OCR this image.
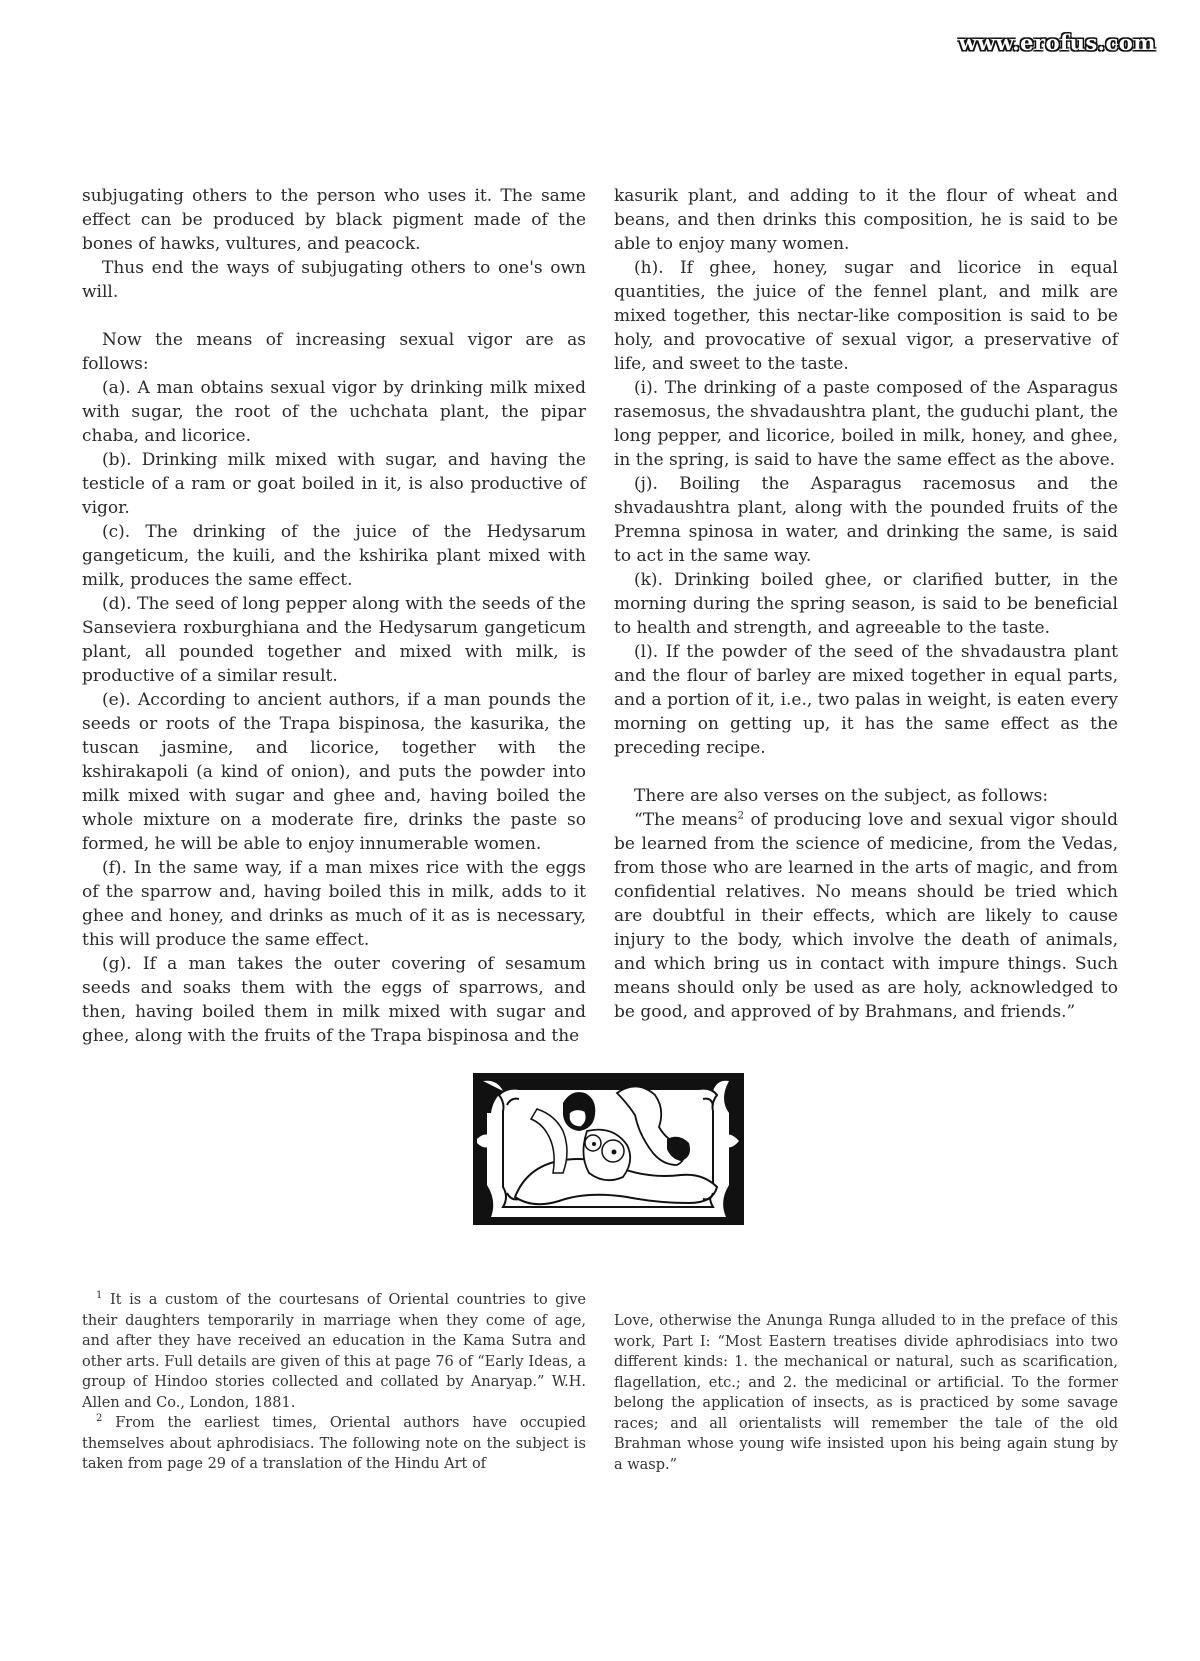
www.erofus.com

subjugating others to the person who uses it. The same effect can be produced by black pigment made of the bones of hawks, vultures, and peacock.

Thus end the ways of subjugating others to one's own will.

Now the means of increasing sexual vigor are as follows:

(a). A man obtains sexual vigor by drinking milk mixed with sugar, the root of the uchchata plant, the pipar chaba, and licorice.

(b). Drinking milk mixed with sugar, and having the testicle of a ram or goat boiled in it, is also productive of vigor.

(c). The drinking of the juice of the Hedysarum gangeticum, the kuili, and the kshirika plant mixed with milk, produces the same effect.

(d). The seed of long pepper along with the seeds of the Sanseviera roxburghiana and the Hedysarum gangeticum plant, all pounded together and mixed with milk, is productive of a similar result.

(e). According to ancient authors, if a man pounds the seeds or roots of the Trapa bispinosa, the kasurika, the tuscan jasmine, and licorice, together with the kshirakapoli (a kind of onion), and puts the powder into milk mixed with sugar and ghee and, having boiled the whole mixture on a moderate fire, drinks the paste so formed, he will be able to enjoy innumerable women.

(f). In the same way, if a man mixes rice with the eggs of the sparrow and, having boiled this in milk, adds to it ghee and honey, and drinks as much of it as is necessary, this will produce the same effect.

(g). If a man takes the outer covering of sesamum seeds and soaks them with the eggs of sparrows, and then, having boiled them in milk mixed with sugar and ghee, along with the fruits of the Trapa bispinosa and the

kasurik plant, and adding to it the flour of wheat and beans, and then drinks this composition, he is said to be able to enjoy many women.

(h). If ghee, honey, sugar and licorice in equal quantities, the juice of the fennel plant, and milk are mixed together, this nectar-like composition is said to be holy, and provocative of sexual vigor, a preservative of life, and sweet to the taste.

(i). The drinking of a paste composed of the Asparagus rasemosus, the shvadaushtra plant, the guduchi plant, the long pepper, and licorice, boiled in milk, honey, and ghee, in the spring, is said to have the same effect as the above.

(j). Boiling the Asparagus racemosus and the shvadaushtra plant, along with the pounded fruits of the Premna spinosa in water, and drinking the same, is said to act in the same way.

(k). Drinking boiled ghee, or clarified butter, in the morning during the spring season, is said to be beneficial to health and strength, and agreeable to the taste.

(l). If the powder of the seed of the shvadaustra plant and the flour of barley are mixed together in equal parts, and a portion of it, i.e., two palas in weight, is eaten every morning on getting up, it has the same effect as the preceding recipe.

There are also verses on the subject, as follows:

“The means$^2$ of producing love and sexual vigor should be learned from the science of medicine, from the Vedas, from those who are learned in the arts of magic, and from confidential relatives. No means should be tried which are doubtful in their effects, which are likely to cause injury to the body, which involve the death of animals, and which bring us in contact with impure things. Such means should only be used as are holy, acknowledged to be good, and approved of by Brahmans, and friends.”

$^1$ It is a custom of the courtesans of Oriental countries to give their daughters temporarily in marriage when they come of age, and after they have received an education in the Kama Sutra and other arts. Full details are given of this at page 76 of “Early Ideas, a group of Hindoo stories collected and collated by Anaryap.” W.H. Allen and Co., London, 1881.

$^2$ From the earliest times, Oriental authors have occupied themselves about aphrodisiacs. The following note on the subject is taken from page 29 of a translation of the Hindu Art of

Love, otherwise the Anunga Runga alluded to in the preface of this work, Part I: “Most Eastern treatises divide aphrodisiacs into two different kinds: 1. the mechanical or natural, such as scarification, flagellation, etc.; and 2. the medicinal or artificial. To the former belong the application of insects, as is practiced by some savage races; and all orientalists will remember the tale of the old Brahman whose young wife insisted upon his being again stung by a wasp.”
